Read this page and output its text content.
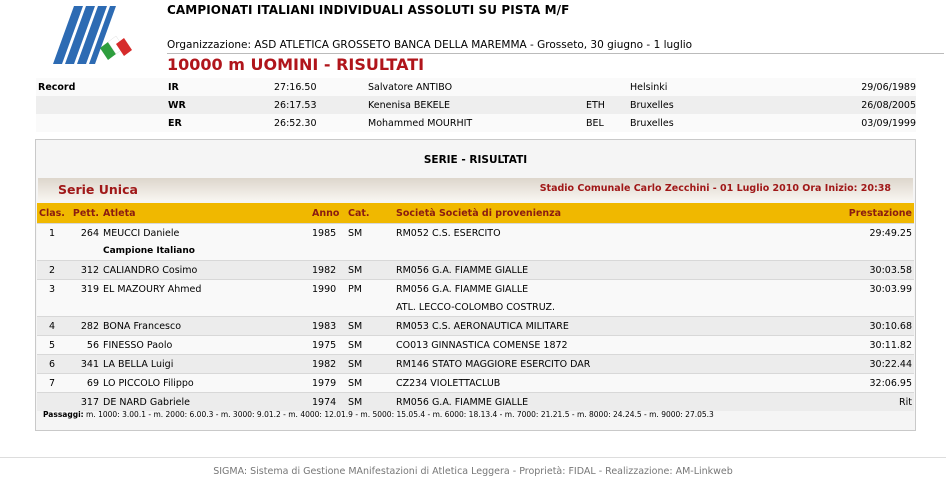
CAMPIONATI ITALIANI INDIVIDUALI ASSOLUTI SU PISTA M/F
Organizzazione: ASD ATLETICA GROSSETO BANCA DELLA MAREMMA - Grosseto, 30 giugno - 1 luglio
10000 m UOMINI - RISULTATI
Record	IR	27:16.50	Salvatore ANTIBO		Helsinki	29/06/1989
	WR	26:17.53	Kenenisa BEKELE	ETH	Bruxelles	26/08/2005
	ER	26:52.30	Mohammed MOURHIT	BEL	Bruxelles	03/09/1999
SERIE - RISULTATI
Serie Unica	Stadio Comunale Carlo Zecchini - 01 Luglio 2010 Ora Inizio: 20:38
Clas.	Pett.	Atleta	Anno	Cat.	Società Società di provenienza	Prestazione
1	264	MEUCCI Daniele	1985	SM	RM052 C.S. ESERCITO	29:49.25
		Campione Italiano				
2	312	CALIANDRO Cosimo	1982	SM	RM056 G.A. FIAMME GIALLE	30:03.58
3	319	EL MAZOURY Ahmed	1990	PM	RM056 G.A. FIAMME GIALLE	30:03.99
					ATL. LECCO-COLOMBO COSTRUZ.	
4	282	BONA Francesco	1983	SM	RM053 C.S. AERONAUTICA MILITARE	30:10.68
5	56	FINESSO Paolo	1975	SM	CO013 GINNASTICA COMENSE 1872	30:11.82
6	341	LA BELLA Luigi	1982	SM	RM146 STATO MAGGIORE ESERCITO DAR	30:22.44
7	69	LO PICCOLO Filippo	1979	SM	CZ234 VIOLETTACLUB	32:06.95
	317	DE NARD Gabriele	1974	SM	RM056 G.A. FIAMME GIALLE	Rit
Passaggi: m. 1000: 3.00.1 - m. 2000: 6.00.3 - m. 3000: 9.01.2 - m. 4000: 12.01.9 - m. 5000: 15.05.4 - m. 6000: 18.13.4 - m. 7000: 21.21.5 - m. 8000: 24.24.5 - m. 9000: 27.05.3
SIGMA: Sistema di Gestione MAnifestazioni di Atletica Leggera - Proprietà: FIDAL - Realizzazione: AM-Linkweb
